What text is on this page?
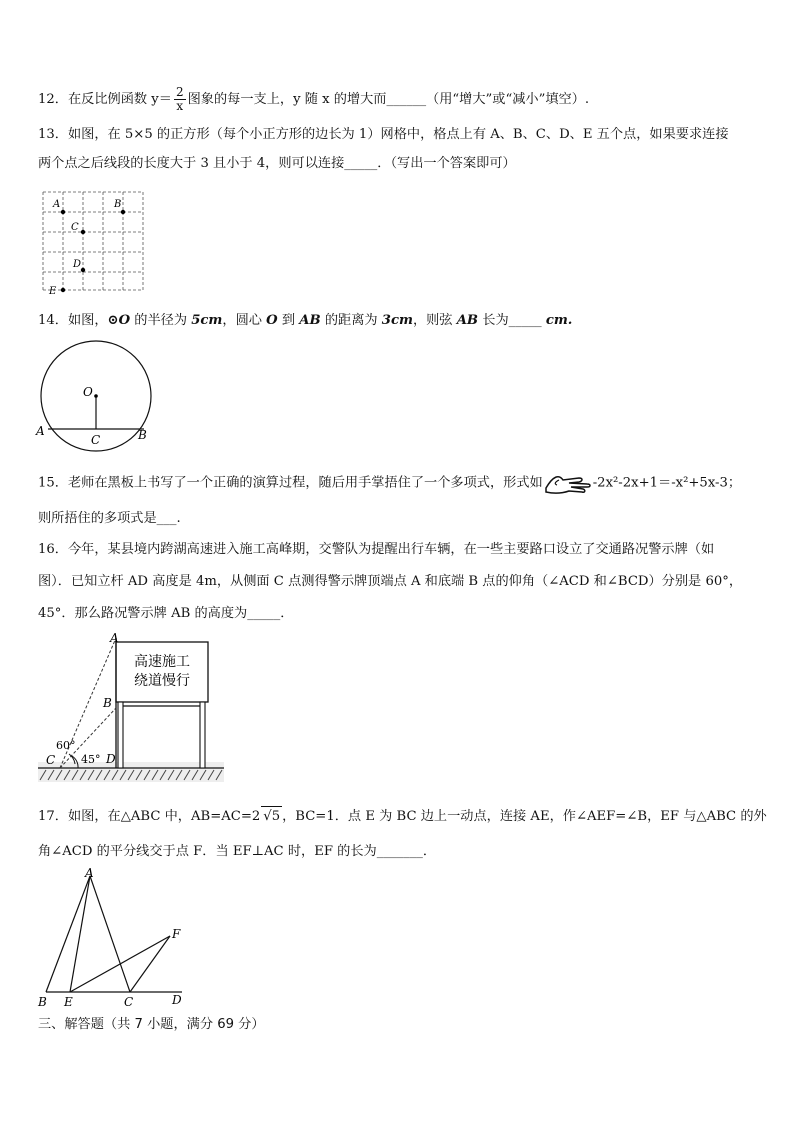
12．在反比例函数 $y= \frac{2}{x}$ 图象的每一支上，y 随 x 的增大而______（用“增大”或“减小”填空）.
13．如图，在 5×5 的正方形（每个小正方形的边长为 1）网格中，格点上有 A、B、C、D、E 五个点，如果要求连接
两个点之后线段的长度大于 3 且小于 4，则可以连接_____．（写出一个答案即可）
A	B
C
D
E
14．如图，⊙O 的半径为 5cm，圆心 O 到 AB 的距离为 3cm，则弦 AB 长为_____ cm.
O
A	B
C
15．老师在黑板上书写了一个正确的演算过程，随后用手掌捂住了一个多项式，形式如	-2x²-2x+1＝-x²+5x-3；
则所捂住的多项式是___.
16．今年，某县境内跨湖高速进入施工高峰期，交警队为提醒出行车辆，在一些主要路口设立了交通路况警示牌（如
图）．已知立杆 AD 高度是 4m，从侧面 C 点测得警示牌顶端点 A 和底端 B 点的仰角（∠ACD 和∠BCD）分别是 60°，
45°．那么路况警示牌 AB 的高度为_____．
高速施工
绕道慢行
A
B
C	D
60°
45°
17．如图，在△ABC 中，AB=AC=2 √5 ，BC=1．点 E 为 BC 边上一动点，连接 AE，作∠AEF=∠B，EF 与△ABC 的外
角∠ACD 的平分线交于点 F．当 EF⊥AC 时，EF 的长为_______．
A
B E	C	D
F
三、解答题（共 7 小题，满分 69 分）
